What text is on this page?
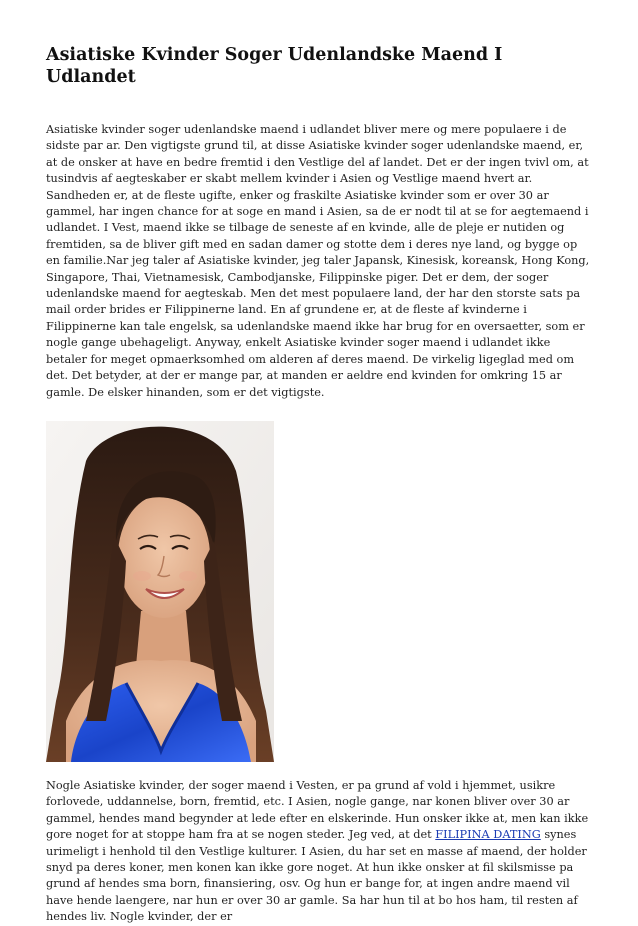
Asiatiske Kvinder Soger Udenlandske Maend I Udlandet

Asiatiske kvinder soger udenlandske maend i udlandet bliver mere og mere populaere i de sidste par ar. Den vigtigste grund til, at disse Asiatiske kvinder soger udenlandske maend, er, at de onsker at have en bedre fremtid i den Vestlige del af landet. Det er der ingen tvivl om, at tusindvis af aegteskaber er skabt mellem kvinder i Asien og Vestlige maend hvert ar. Sandheden er, at de fleste ugifte, enker og fraskilte Asiatiske kvinder som er over 30 ar gammel, har ingen chance for at soge en mand i Asien, sa de er nodt til at se for aegtemaend i udlandet. I Vest, maend ikke se tilbage de seneste af en kvinde, alle de pleje er nutiden og fremtiden, sa de bliver gift med en sadan damer og stotte dem i deres nye land, og bygge op en familie.Nar jeg taler af Asiatiske kvinder, jeg taler Japansk, Kinesisk, koreansk, Hong Kong, Singapore, Thai, Vietnamesisk, Cambodjanske, Filippinske piger. Det er dem, der soger udenlandske maend for aegteskab. Men det mest populaere land, der har den storste sats pa mail order brides er Filippinerne land. En af grundene er, at de fleste af kvinderne i Filippinerne kan tale engelsk, sa udenlandske maend ikke har brug for en oversaetter, som er nogle gange ubehageligt. Anyway, enkelt Asiatiske kvinder soger maend i udlandet ikke betaler for meget opmaerksomhed om alderen af deres maend. De virkelig ligeglad med om det. Det betyder, at der er mange par, at manden er aeldre end kvinden for omkring 15 ar gamle. De elsker hinanden, som er det vigtigste.

Nogle Asiatiske kvinder, der soger maend i Vesten, er pa grund af vold i hjemmet, usikre forlovede, uddannelse, born, fremtid, etc. I Asien, nogle gange, nar konen bliver over 30 ar gammel, hendes mand begynder at lede efter en elskerinde. Hun onsker ikke at, men kan ikke gore noget for at stoppe ham fra at se nogen steder. Jeg ved, at det FILIPINA DATING synes urimeligt i henhold til den Vestlige kulturer. I Asien, du har set en masse af maend, der holder snyd pa deres koner, men konen kan ikke gore noget. At hun ikke onsker at fil skilsmisse pa grund af hendes sma born, finansiering, osv. Og hun er bange for, at ingen andre maend vil have hende laengere, nar hun er over 30 ar gamle. Sa har hun til at bo hos ham, til resten af hendes liv. Nogle kvinder, der er
